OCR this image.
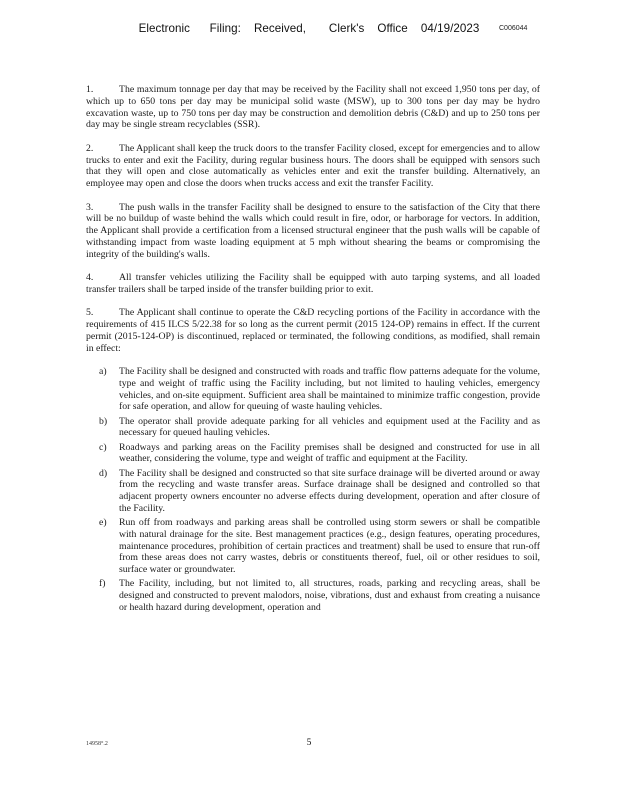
Electronic      Filing:    Received,       Clerk's    Office    04/19/2023	C006044

1.	The maximum tonnage per day that may be received by the Facility shall not exceed 1,950 tons per day, of which up to 650 tons per day may be municipal solid waste (MSW), up to 300 tons per day may be hydro excavation waste, up to 750 tons per day may be construction and demolition debris (C&D) and up to 250 tons per day may be single stream recyclables (SSR).

2.	The Applicant shall keep the truck doors to the transfer Facility closed, except for emergencies and to allow trucks to enter and exit the Facility, during regular business hours. The doors shall be equipped with sensors such that they will open and close automatically as vehicles enter and exit the transfer building. Alternatively, an employee may open and close the doors when trucks access and exit the transfer Facility.

3.	The push walls in the transfer Facility shall be designed to ensure to the satisfaction of the City that there will be no buildup of waste behind the walls which could result in fire, odor, or harborage for vectors. In addition, the Applicant shall provide a certification from a licensed structural engineer that the push walls will be capable of withstanding impact from waste loading equipment at 5 mph without shearing the beams or compromising the integrity of the building's walls.

4.	All transfer vehicles utilizing the Facility shall be equipped with auto tarping systems, and all loaded transfer trailers shall be tarped inside of the transfer building prior to exit.

5.	The Applicant shall continue to operate the C&D recycling portions of the Facility in accordance with the requirements of 415 ILCS 5/22.38 for so long as the current permit (2015 124-OP) remains in effect. If the current permit (2015-124-OP) is discontinued, replaced or terminated, the following conditions, as modified, shall remain in effect:

a) The Facility shall be designed and constructed with roads and traffic flow patterns adequate for the volume, type and weight of traffic using the Facility including, but not limited to hauling vehicles, emergency vehicles, and on-site equipment. Sufficient area shall be maintained to minimize traffic congestion, provide for safe operation, and allow for queuing of waste hauling vehicles.
b) The operator shall provide adequate parking for all vehicles and equipment used at the Facility and as necessary for queued hauling vehicles.
c) Roadways and parking areas on the Facility premises shall be designed and constructed for use in all weather, considering the volume, type and weight of traffic and equipment at the Facility.
d) The Facility shall be designed and constructed so that site surface drainage will be diverted around or away from the recycling and waste transfer areas. Surface drainage shall be designed and controlled so that adjacent property owners encounter no adverse effects during development, operation and after closure of the Facility.
e) Run off from roadways and parking areas shall be controlled using storm sewers or shall be compatible with natural drainage for the site. Best management practices (e.g., design features, operating procedures, maintenance procedures, prohibition of certain practices and treatment) shall be used to ensure that run-off from these areas does not carry wastes, debris or constituents thereof, fuel, oil or other residues to soil, surface water or groundwater.
f) The Facility, including, but not limited to, all structures, roads, parking and recycling areas, shall be designed and constructed to prevent malodors, noise, vibrations, dust and exhaust from creating a nuisance or health hazard during development, operation and
14958°.2	5
